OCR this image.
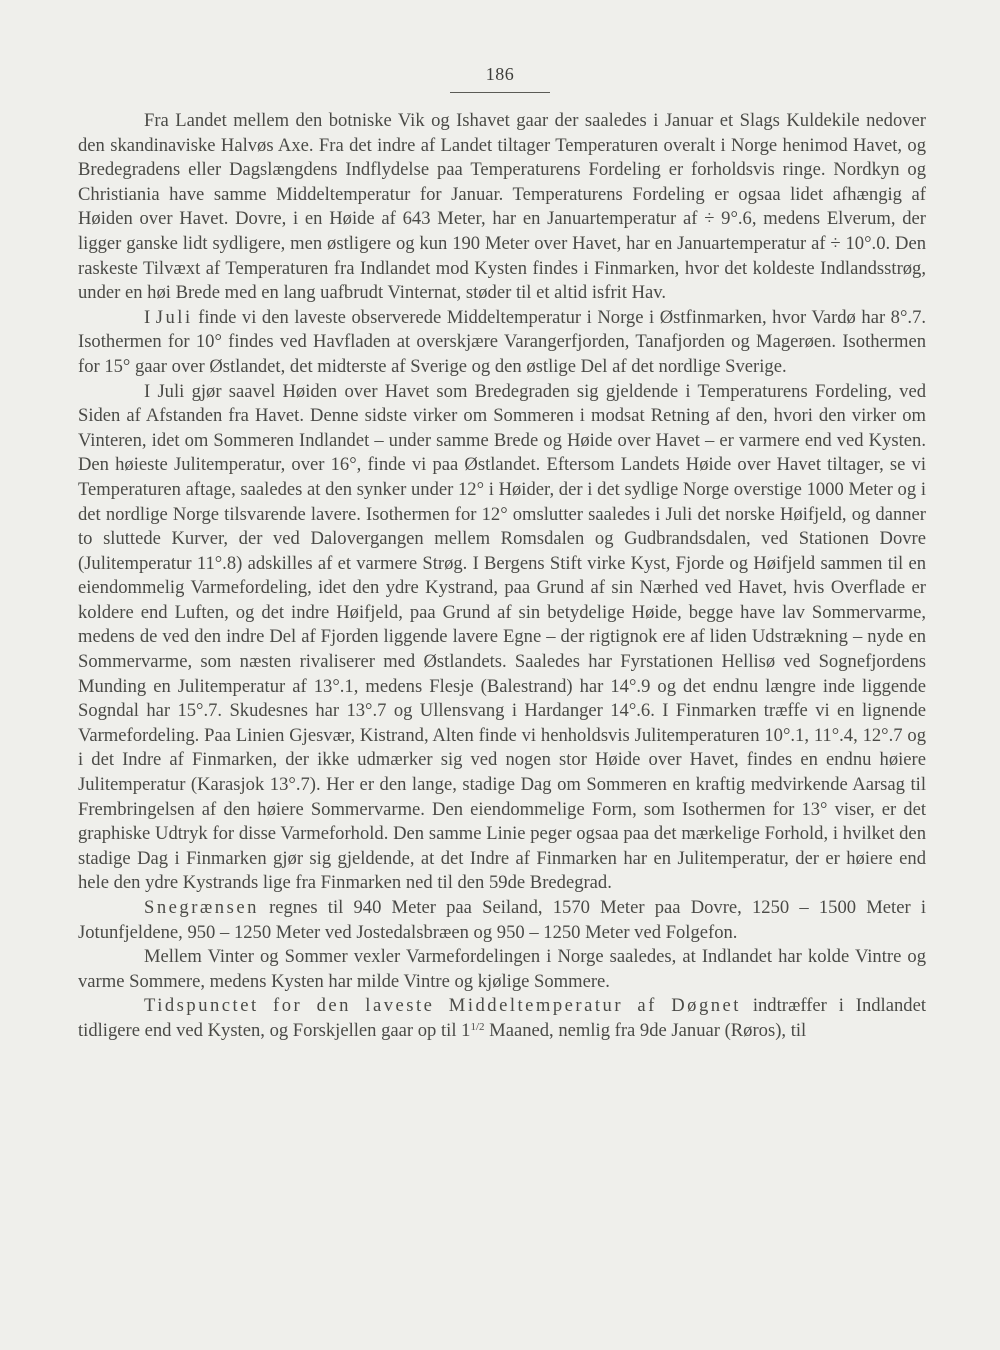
186

Fra Landet mellem den botniske Vik og Ishavet gaar der saaledes i Januar et Slags Kuldekile nedover den skandinaviske Halvøs Axe. Fra det indre af Landet tiltager Temperaturen overalt i Norge henimod Havet, og Bredegradens eller Dagslængdens Indflydelse paa Temperaturens Fordeling er forholdsvis ringe. Nordkyn og Christiania have samme Middeltemperatur for Januar. Temperaturens Fordeling er ogsaa lidet afhængig af Høiden over Havet. Dovre, i en Høide af 643 Meter, har en Januartemperatur af ÷ 9°.6, medens Elverum, der ligger ganske lidt sydligere, men østligere og kun 190 Meter over Havet, har en Januartemperatur af ÷ 10°.0. Den raskeste Tilvæxt af Temperaturen fra Indlandet mod Kysten findes i Finmarken, hvor det koldeste Indlandsstrøg, under en høi Brede med en lang uafbrudt Vinternat, støder til et altid isfrit Hav.

I Juli finde vi den laveste observerede Middeltemperatur i Norge i Østfinmarken, hvor Vardø har 8°.7. Isothermen for 10° findes ved Havfladen at overskjære Varangerfjorden, Tanafjorden og Magerøen. Isothermen for 15° gaar over Østlandet, det midterste af Sverige og den østlige Del af det nordlige Sverige.

I Juli gjør saavel Høiden over Havet som Bredegraden sig gjeldende i Temperaturens Fordeling, ved Siden af Afstanden fra Havet. Denne sidste virker om Sommeren i modsat Retning af den, hvori den virker om Vinteren, idet om Sommeren Indlandet – under samme Brede og Høide over Havet – er varmere end ved Kysten. Den høieste Julitemperatur, over 16°, finde vi paa Østlandet. Eftersom Landets Høide over Havet tiltager, se vi Temperaturen aftage, saaledes at den synker under 12° i Høider, der i det sydlige Norge overstige 1000 Meter og i det nordlige Norge tilsvarende lavere. Isothermen for 12° omslutter saaledes i Juli det norske Høifjeld, og danner to sluttede Kurver, der ved Dalovergangen mellem Romsdalen og Gudbrandsdalen, ved Stationen Dovre (Julitemperatur 11°.8) adskilles af et varmere Strøg. I Bergens Stift virke Kyst, Fjorde og Høifjeld sammen til en eiendommelig Varmefordeling, idet den ydre Kystrand, paa Grund af sin Nærhed ved Havet, hvis Overflade er koldere end Luften, og det indre Høifjeld, paa Grund af sin betydelige Høide, begge have lav Sommervarme, medens de ved den indre Del af Fjorden liggende lavere Egne – der rigtignok ere af liden Udstrækning – nyde en Sommervarme, som næsten rivaliserer med Østlandets. Saaledes har Fyrstationen Hellisø ved Sognefjordens Munding en Julitemperatur af 13°.1, medens Flesje (Balestrand) har 14°.9 og det endnu længre inde liggende Sogndal har 15°.7. Skudesnes har 13°.7 og Ullensvang i Hardanger 14°.6. I Finmarken træffe vi en lignende Varmefordeling. Paa Linien Gjesvær, Kistrand, Alten finde vi henholdsvis Julitemperaturen 10°.1, 11°.4, 12°.7 og i det Indre af Finmarken, der ikke udmærker sig ved nogen stor Høide over Havet, findes en endnu høiere Julitemperatur (Karasjok 13°.7). Her er den lange, stadige Dag om Sommeren en kraftig medvirkende Aarsag til Frembringelsen af den høiere Sommervarme. Den eiendommelige Form, som Isothermen for 13° viser, er det graphiske Udtryk for disse Varmeforhold. Den samme Linie peger ogsaa paa det mærkelige Forhold, i hvilket den stadige Dag i Finmarken gjør sig gjeldende, at det Indre af Finmarken har en Julitemperatur, der er høiere end hele den ydre Kystrands lige fra Finmarken ned til den 59de Bredegrad.

Snegrænsen regnes til 940 Meter paa Seiland, 1570 Meter paa Dovre, 1250 – 1500 Meter i Jotunfjeldene, 950 – 1250 Meter ved Jostedalsbræen og 950 – 1250 Meter ved Folgefon.

Mellem Vinter og Sommer vexler Varmefordelingen i Norge saaledes, at Indlandet har kolde Vintre og varme Sommere, medens Kysten har milde Vintre og kjølige Sommere.

Tidspunctet for den laveste Middeltemperatur af Døgnet indtræffer i Indlandet tidligere end ved Kysten, og Forskjellen gaar op til $1^{1/2}$ Maaned, nemlig fra 9de Januar (Røros), til
